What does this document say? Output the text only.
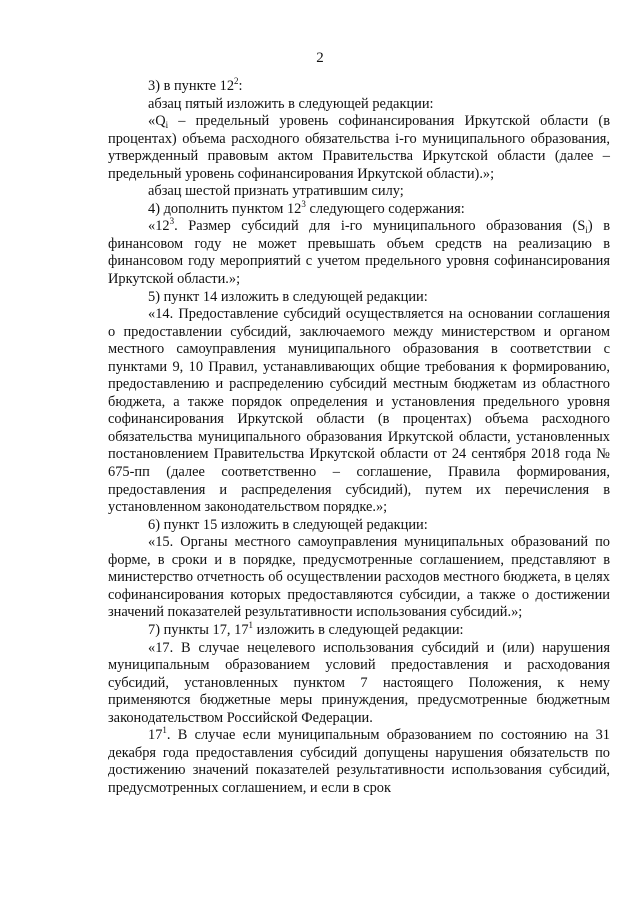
2

3) в пункте $12^2$:

абзац пятый изложить в следующей редакции:

«$Q_i$ – предельный уровень софинансирования Иркутской области (в процентах) объема расходного обязательства i-го муниципального образования, утвержденный правовым актом Правительства Иркутской области (далее – предельный уровень софинансирования Иркутской области).»;

абзац шестой признать утратившим силу;

4) дополнить пунктом $12^3$ следующего содержания:

«$12^3$. Размер субсидий для i-го муниципального образования $(S_i)$ в финансовом году не может превышать объем средств на реализацию в финансовом году мероприятий с учетом предельного уровня софинансирования Иркутской области.»;

5) пункт 14 изложить в следующей редакции:

«14. Предоставление субсидий осуществляется на основании соглашения о предоставлении субсидий, заключаемого между министерством и органом местного самоуправления муниципального образования в соответствии с пунктами 9, 10 Правил, устанавливающих общие требования к формированию, предоставлению и распределению субсидий местным бюджетам из областного бюджета, а также порядок определения и установления предельного уровня софинансирования Иркутской области (в процентах) объема расходного обязательства муниципального образования Иркутской области, установленных постановлением Правительства Иркутской области от 24 сентября 2018 года № 675-пп (далее соответственно – соглашение, Правила формирования, предоставления и распределения субсидий), путем их перечисления в установленном законодательством порядке.»;

6) пункт 15 изложить в следующей редакции:

«15. Органы местного самоуправления муниципальных образований по форме, в сроки и в порядке, предусмотренные соглашением, представляют в министерство отчетность об осуществлении расходов местного бюджета, в целях софинансирования которых предоставляются субсидии, а также о достижении значений показателей результативности использования субсидий.»;

7) пункты 17, $17^1$ изложить в следующей редакции:

«17. В случае нецелевого использования субсидий и (или) нарушения муниципальным образованием условий предоставления и расходования субсидий, установленных пунктом 7 настоящего Положения, к нему применяются бюджетные меры принуждения, предусмотренные бюджетным законодательством Российской Федерации.

$17^1$. В случае если муниципальным образованием по состоянию на 31 декабря года предоставления субсидий допущены нарушения обязательств по достижению значений показателей результативности использования субсидий, предусмотренных соглашением, и если в срок
